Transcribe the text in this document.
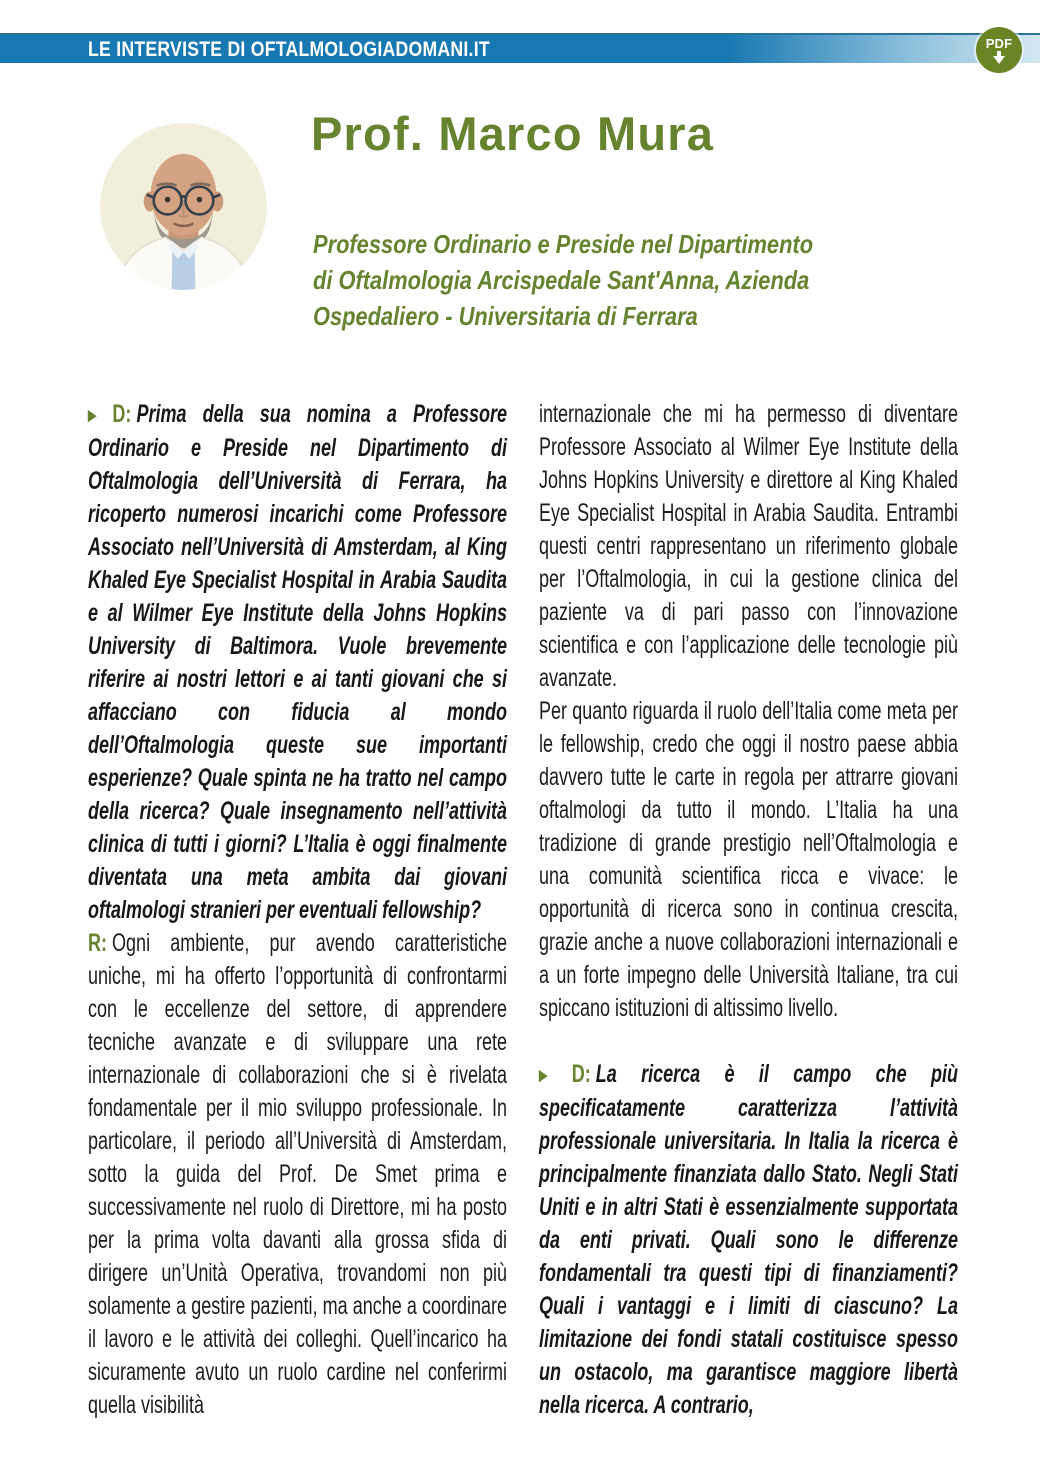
LE INTERVISTE DI OFTALMOLOGIADOMANI.IT	PDF
Prof. Marco Mura
Professore Ordinario e Preside nel Dipartimento
di Oftalmologia Arcispedale Sant'Anna, Azienda
Ospedaliero - Universitaria di Ferrara

▶ D: Prima della sua nomina a Professore Ordinario e Preside nel Dipartimento di Oftalmologia dell’Università di Ferrara, ha ricoperto numerosi incarichi come Professore Associato nell’Università di Amsterdam, al King Khaled Eye Specialist Hospital in Arabia Saudita e al Wilmer Eye Institute della Johns Hopkins University di Baltimora. Vuole brevemente riferire ai nostri lettori e ai tanti giovani che si affacciano con fiducia al mondo dell’Oftalmologia queste sue importanti esperienze? Quale spinta ne ha tratto nel campo della ricerca? Quale insegnamento nell’attività clinica di tutti i giorni? L’Italia è oggi finalmente diventata una meta ambita dai giovani oftalmologi stranieri per eventuali fellowship?

R: Ogni ambiente, pur avendo caratteristiche uniche, mi ha offerto l’opportunità di confrontarmi con le eccellenze del settore, di apprendere tecniche avanzate e di sviluppare una rete internazionale di collaborazioni che si è rivelata fondamentale per il mio sviluppo professionale. In particolare, il periodo all’Università di Amsterdam, sotto la guida del Prof. De Smet prima e successivamente nel ruolo di Direttore, mi ha posto per la prima volta davanti alla grossa sfida di dirigere un’Unità Operativa, trovandomi non più solamente a gestire pazienti, ma anche a coordinare il lavoro e le attività dei colleghi. Quell’incarico ha sicuramente avuto un ruolo cardine nel conferirmi quella visibilità

internazionale che mi ha permesso di diventare Professore Associato al Wilmer Eye Institute della Johns Hopkins University e direttore al King Khaled Eye Specialist Hospital in Arabia Saudita. Entrambi questi centri rappresentano un riferimento globale per l’Oftalmologia, in cui la gestione clinica del paziente va di pari passo con l’innovazione scientifica e con l’applicazione delle tecnologie più avanzate.

Per quanto riguarda il ruolo dell’Italia come meta per le fellowship, credo che oggi il nostro paese abbia davvero tutte le carte in regola per attrarre giovani oftalmologi da tutto il mondo. L’Italia ha una tradizione di grande prestigio nell’Oftalmologia e una comunità scientifica ricca e vivace: le opportunità di ricerca sono in continua crescita, grazie anche a nuove collaborazioni internazionali e a un forte impegno delle Università Italiane, tra cui spiccano istituzioni di altissimo livello.

▶ D: La ricerca è il campo che più specificatamente caratterizza l’attività professionale universitaria. In Italia la ricerca è principalmente finanziata dallo Stato. Negli Stati Uniti e in altri Stati è essenzialmente supportata da enti privati. Quali sono le differenze fondamentali tra questi tipi di finanziamenti? Quali i vantaggi e i limiti di ciascuno? La limitazione dei fondi statali costituisce spesso un ostacolo, ma garantisce maggiore libertà nella ricerca. A contrario,
